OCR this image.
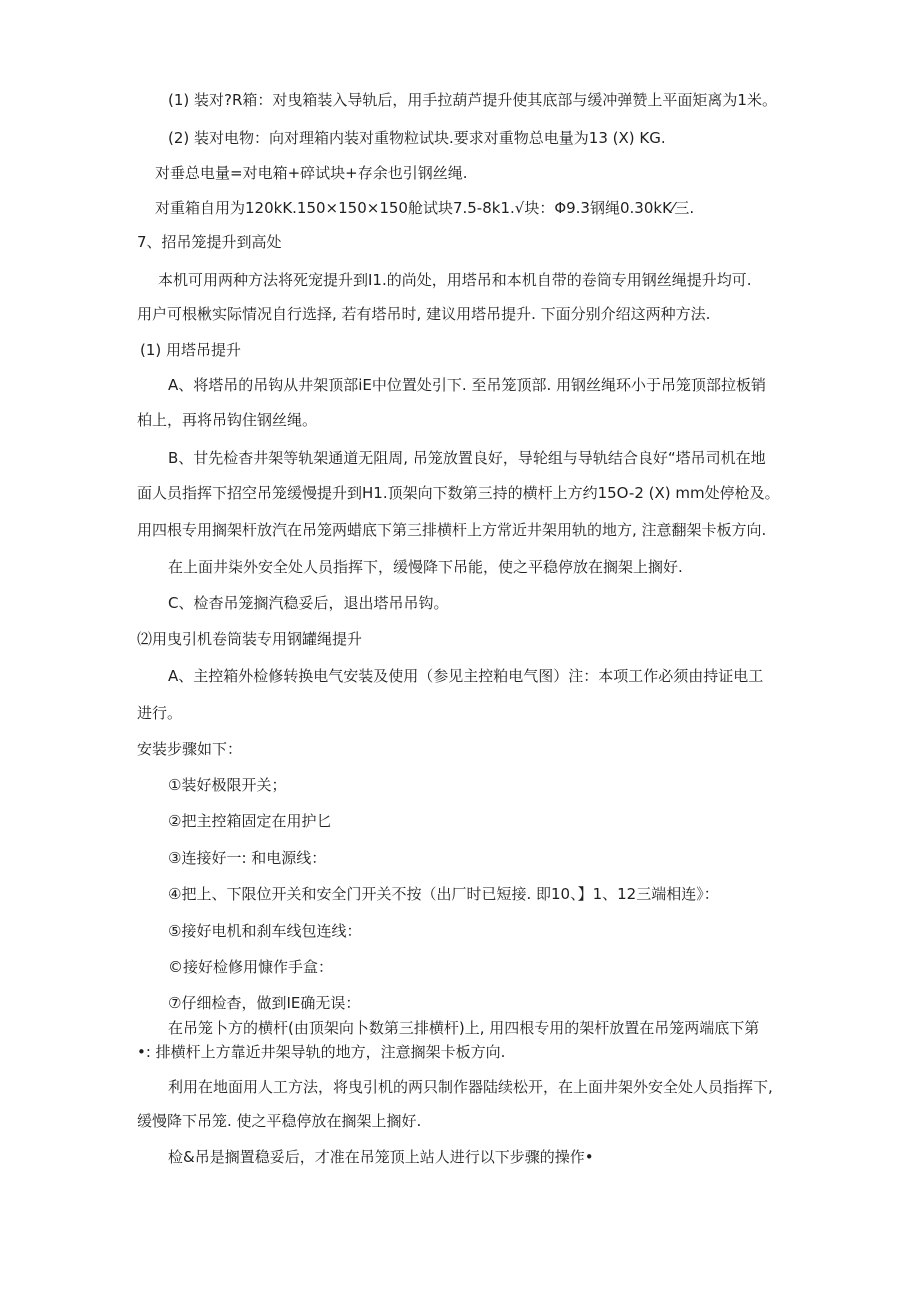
(1) 装对?R箱：对曳箱装入导轨后，用手拉葫芦提升使其底部与缓冲弹赞上平面矩离为1米。
(2) 装对电物：向对理箱内装对重物粒试块.要求对重物总电量为13 (X) KG.
对垂总电量=对电箱+碎试块+存余也引钢丝绳.
对重箱自用为120kK.150×150×150舱试块7.5-8k1.√块：Φ9.3钢绳0.30kK⁄三.
7、招吊笼提升到高处
本机可用两种方法将死宠提升到I1.的尚处，用塔吊和本机自带的卷筒专用钢丝绳提升均可.
用户可根楸实际情况自行选择, 若有塔吊时, 建议用塔吊提升. 下面分别介绍这两种方法.
(1) 用塔吊提升
A、将塔吊的吊钩从井架顶部iE中位置处引下. 至吊笼顶部. 用钢丝绳环小于吊笼顶部拉板销
柏上，再将吊钩住钢丝绳。
B、甘先检杳井架等轨架通道无阻周, 吊笼放置良好，导轮组与导轨结合良好“塔吊司机在地
面人员指挥下招空吊笼缓慢提升到H1.顶架向下数第三持的横杆上方约15O-2 (X) mm处停枪及。
用四根专用搁架杆放汽在吊笼两蜡底下第三排横杆上方常近井架用轨的地方, 注意翻架卡板方向.
在上面井柒外安全处人员指挥下，缓慢降下吊能，使之平稳停放在搁架上搁好.
C、检杳吊笼搁汽稳妥后，退出塔吊吊钩。
⑵用曳引机卷筒装专用钢罐绳提升
A、主控箱外检修转换电气安装及使用（参见主控粕电气图）注：本项工作必须由持证电工
进行。
安装步骤如下：
①装好极限开关；
②把主控箱固定在用护匕
③连接好一: 和电源线：
④把上、下限位开关和安全门开关不按（出厂时已短接. 即10、】1、12三端相连》：
⑤接好电机和刹车线包连线：
©接好检修用慷作手盒：
⑦仔细检杳，做到IE确无误：
在吊笼卜方的横杆(由顶架向卜数第三排横杆)上, 用四根专用的架杆放置在吊笼两端底下第
•: 排横杆上方靠近井架导轨的地方，注意搁架卡板方向.
利用在地面用人工方法，将曳引机的两只制作器陆续松开，在上面井架外安全处人员指挥下,
缓慢降下吊笼. 使之平稳停放在搁架上搁好.
检&吊是搁置稳妥后，才准在吊笼顶上站人进行以下步骤的操作•
